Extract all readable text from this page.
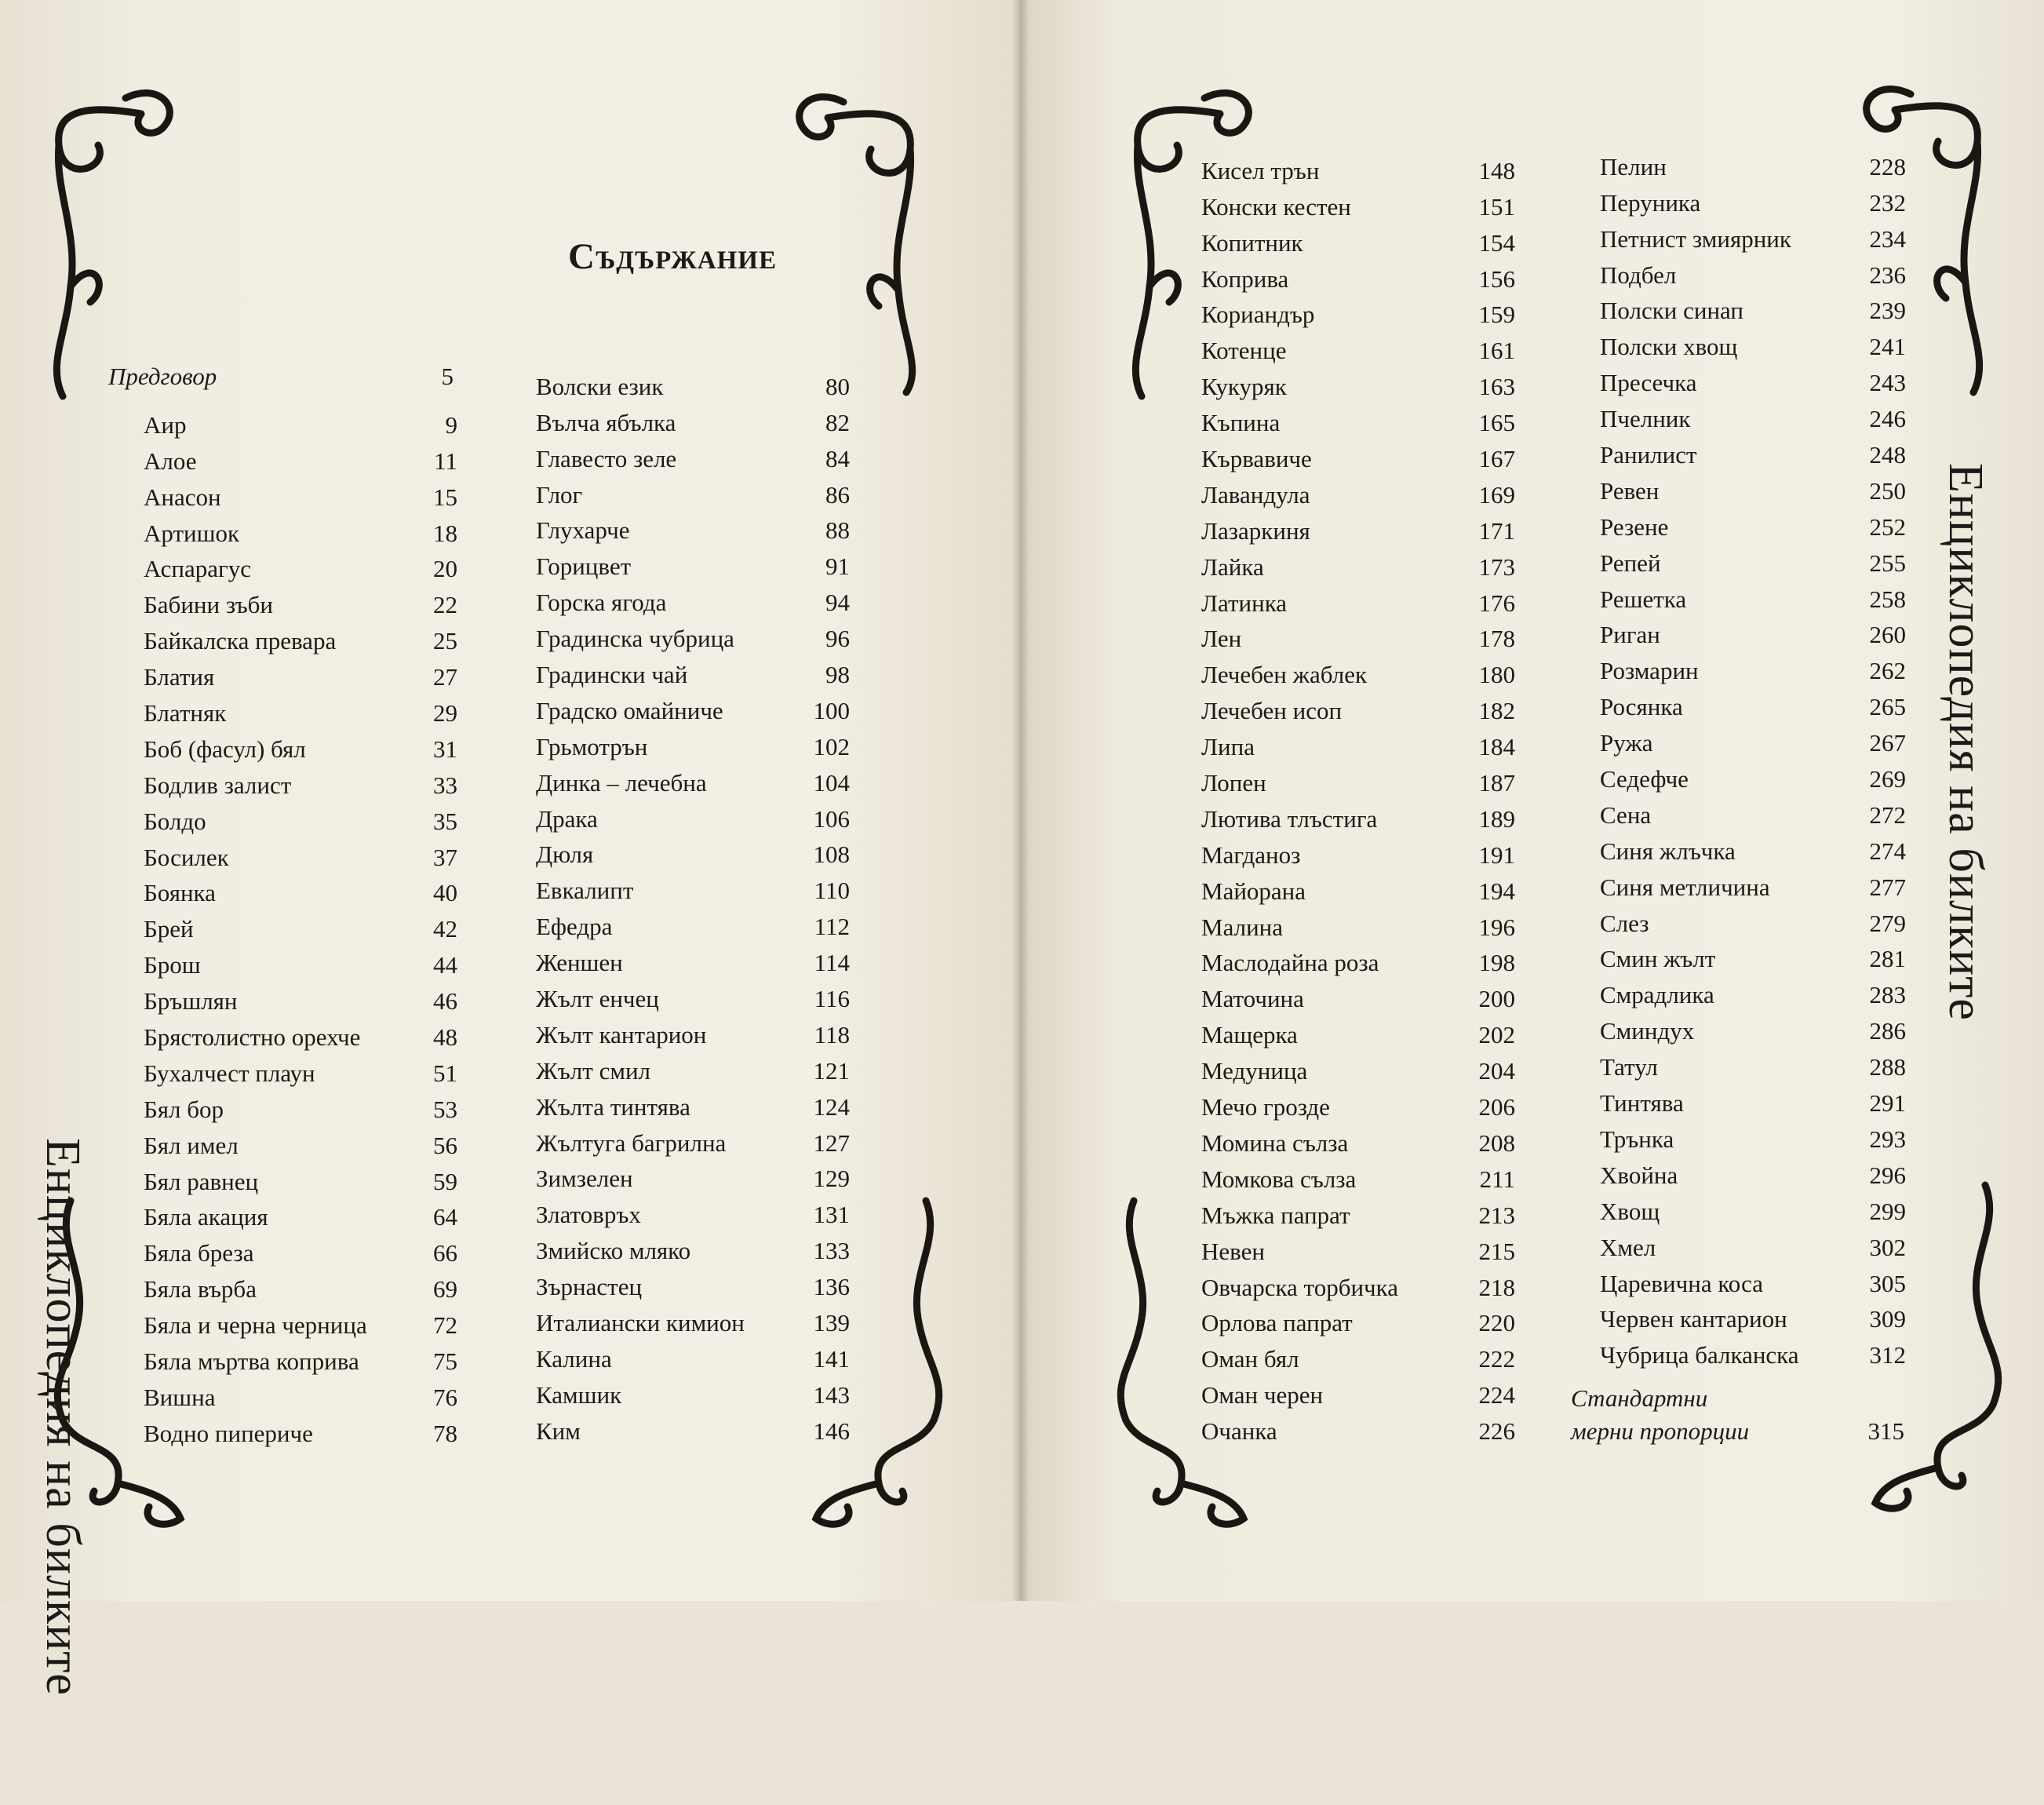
Енциклопедия на билките
Енциклопедия на билките
Съдържание
Предговор .....	5
Аир .....	9
Алое .....	11
Анасон .....	15
Артишок .....	18
Аспарагус .....	20
Бабини зъби .....	22
Байкалска превара .....	25
Блатия .....	27
Блатняк .....	29
Боб (фасул) бял .....	31
Бодлив залист .....	33
Болдо .....	35
Босилек .....	37
Боянка .....	40
Брей .....	42
Брош .....	44
Бръшлян .....	46
Брястолистно орехче .....	48
Бухалчест плаун .....	51
Бял бор .....	53
Бял имел .....	56
Бял равнец .....	59
Бяла акация .....	64
Бяла бреза .....	66
Бяла върба .....	69
Бяла и черна черница .....	72
Бяла мъртва коприва .....	75
Вишна .....	76
Водно пиперичe .....	78
Волски език .....	80
Вълча ябълка .....	82
Главесто зеле .....	84
Глог .....	86
Глухарче .....	88
Горицвет .....	91
Горска ягода .....	94
Градинска чубрица .....	96
Градински чай .....	98
Градско омайниче .....	100
Грьмотрън .....	102
Динка – лечебна .....	104
Драка .....	106
Дюля .....	108
Евкалипт .....	110
Ефедра .....	112
Женшен .....	114
Жълт енчец .....	116
Жълт кантарион .....	118
Жълт смил .....	121
Жълта тинтява .....	124
Жълтуга багрилна .....	127
Зимзелен .....	129
Златовръх .....	131
Змийско мляко .....	133
Зърнастец .....	136
Италиански кимион .....	139
Калина .....	141
Камшик .....	143
Ким .....	146
Кисел трън .....	148
Конски кестен .....	151
Копитник .....	154
Коприва .....	156
Кориандър .....	159
Котенце .....	161
Кукуряк .....	163
Къпина .....	165
Кървавиче .....	167
Лавандула .....	169
Лазаркиня .....	171
Лайка .....	173
Латинка .....	176
Лен .....	178
Лечебен жаблек .....	180
Лечебен исоп .....	182
Липа .....	184
Лопен .....	187
Лютива тлъстига .....	189
Магданоз .....	191
Майорана .....	194
Малина .....	196
Маслодайна роза .....	198
Маточина .....	200
Мащерка .....	202
Медуница .....	204
Мечо грозде .....	206
Момина сълза .....	208
Момкова сълза .....	211
Мъжка папрат .....	213
Невен .....	215
Овчарска торбичка .....	218
Орлова папрат .....	220
Оман бял .....	222
Оман черен .....	224
Очанка .....	226
Пелин .....	228
Перуника .....	232
Петнист змиярник .....	234
Подбел .....	236
Полски синап .....	239
Полски хвощ .....	241
Пресечка .....	243
Пчелник .....	246
Ранилист .....	248
Ревен .....	250
Резене .....	252
Репей .....	255
Решетка .....	258
Риган .....	260
Розмарин .....	262
Росянка .....	265
Ружа .....	267
Седефче .....	269
Сена .....	272
Синя жлъчка .....	274
Синя метличина .....	277
Слез .....	279
Смин жълт .....	281
Смрадлика .....	283
Сминдух .....	286
Татул .....	288
Тинтява .....	291
Трънка .....	293
Хвойна .....	296
Хвощ .....	299
Хмел .....	302
Царевична коса .....	305
Червен кантарион .....	309
Чубрица балканска .....	312
Стандартни
мерни пропорции .....	315
